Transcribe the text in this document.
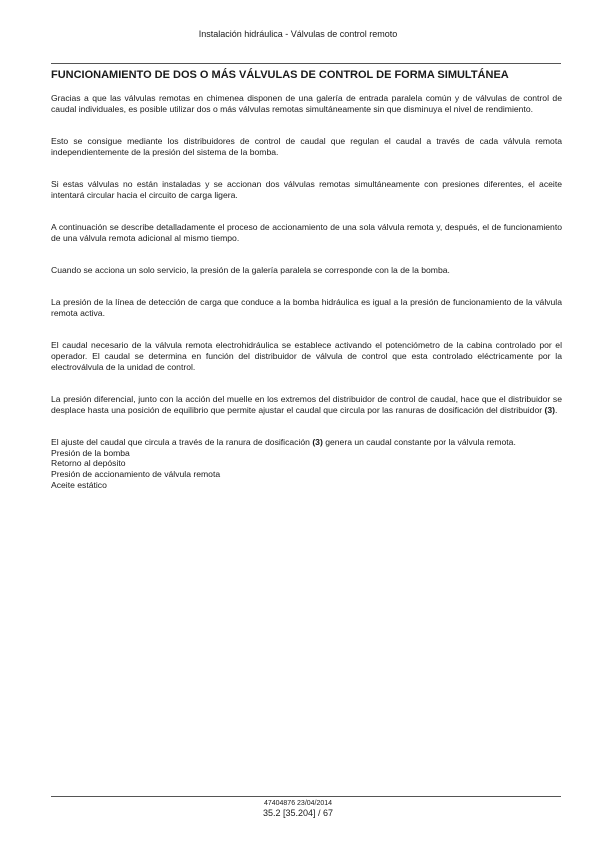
Instalación hidráulica - Válvulas de control remoto
FUNCIONAMIENTO DE DOS O MÁS VÁLVULAS DE CONTROL DE FORMA SIMULTÁNEA

Gracias a que las válvulas remotas en chimenea disponen de una galería de entrada paralela común y de válvulas de control de caudal individuales, es posible utilizar dos o más válvulas remotas simultáneamente sin que disminuya el nivel de rendimiento.

Esto se consigue mediante los distribuidores de control de caudal que regulan el caudal a través de cada válvula remota independientemente de la presión del sistema de la bomba.

Si estas válvulas no están instaladas y se accionan dos válvulas remotas simultáneamente con presiones diferentes, el aceite intentará circular hacia el circuito de carga ligera.

A continuación se describe detalladamente el proceso de accionamiento de una sola válvula remota y, después, el de funcionamiento de una válvula remota adicional al mismo tiempo.

Cuando se acciona un solo servicio, la presión de la galería paralela se corresponde con la de la bomba.

La presión de la línea de detección de carga que conduce a la bomba hidráulica es igual a la presión de funcionamiento de la válvula remota activa.

El caudal necesario de la válvula remota electrohidráulica se establece activando el potenciómetro de la cabina controlado por el operador. El caudal se determina en función del distribuidor de válvula de control que esta controlado eléctricamente por la electroválvula de la unidad de control.

La presión diferencial, junto con la acción del muelle en los extremos del distribuidor de control de caudal, hace que el distribuidor se desplace hasta una posición de equilibrio que permite ajustar el caudal que circula por las ranuras de dosificación del distribuidor (3).

El ajuste del caudal que circula a través de la ranura de dosificación (3) genera un caudal constante por la válvula remota.

Presión de la bomba
Retorno al depósito
Presión de accionamiento de válvula remota
Aceite estático
47404876 23/04/2014
35.2 [35.204] / 67
